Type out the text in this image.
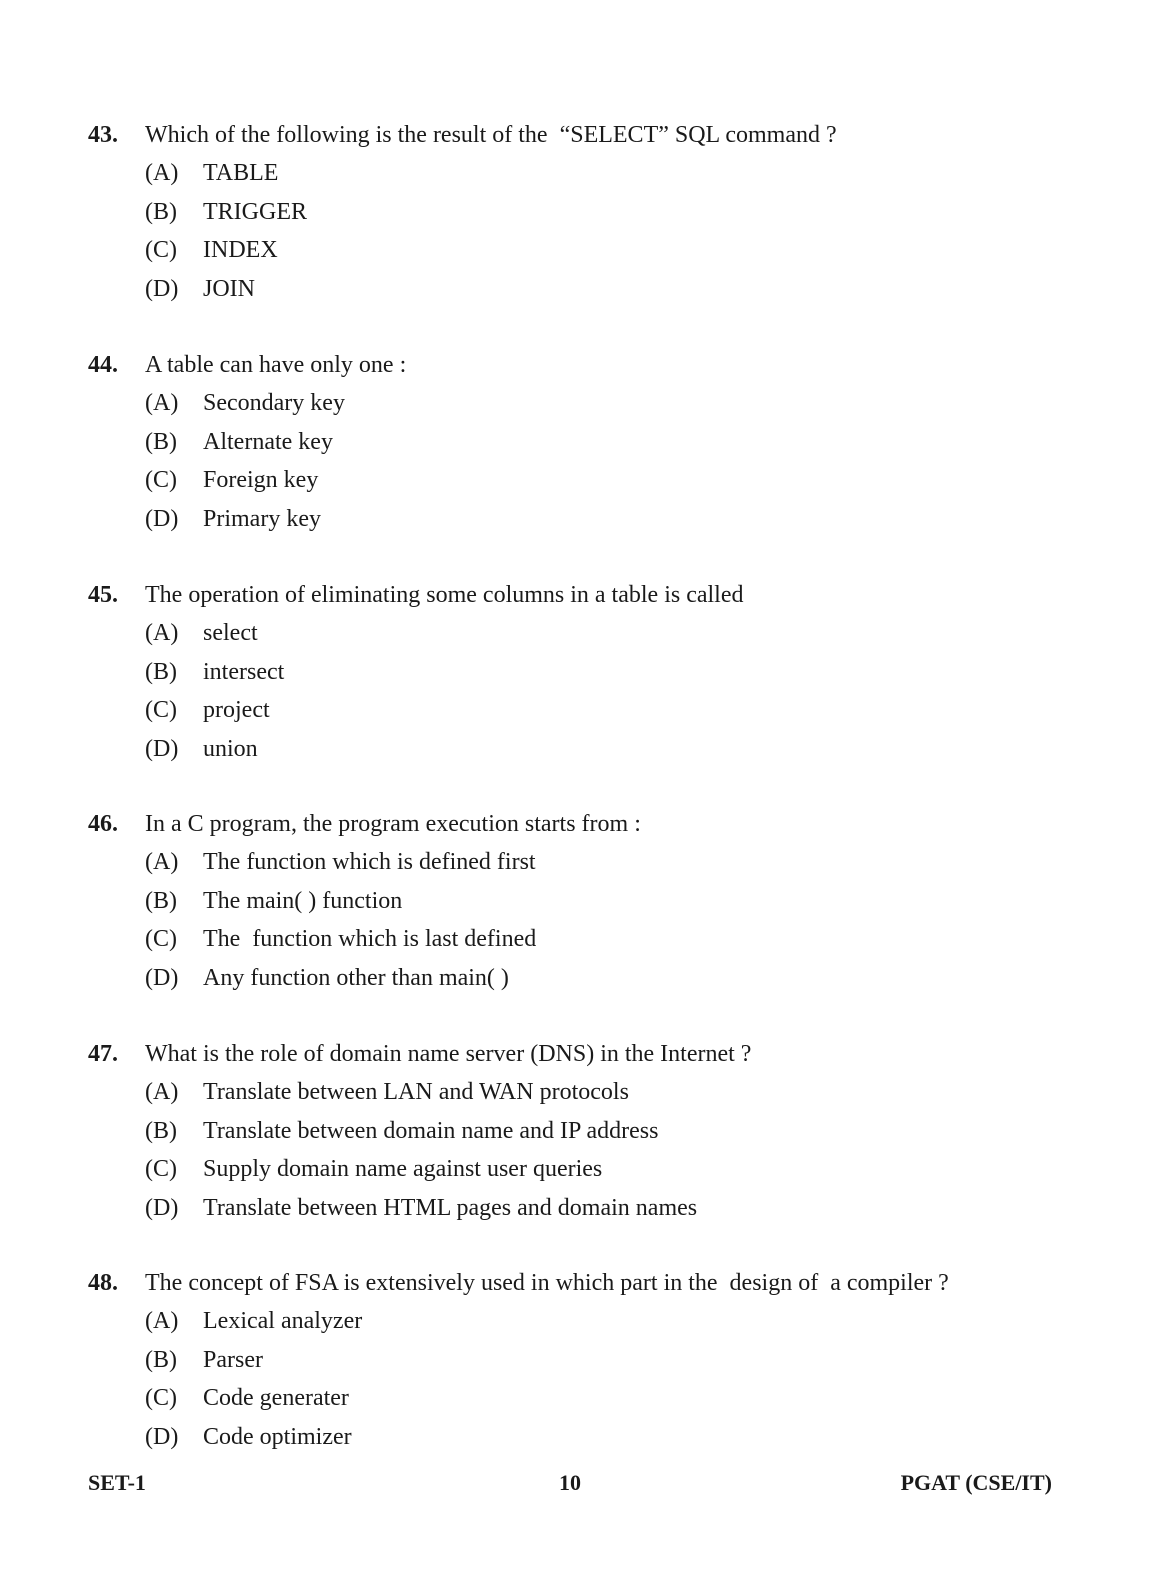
43.	Which of the following is the result of the  “SELECT” SQL command ?
(A)	TABLE
(B)	TRIGGER
(C)	INDEX
(D)	JOIN
44.	A table can have only one :
(A)	Secondary key
(B)	Alternate key
(C)	Foreign key
(D)	Primary key
45.	The operation of eliminating some columns in a table is called
(A)	select
(B)	intersect
(C)	project
(D)	union
46.	In a C program, the program execution starts from :
(A)	The function which is defined first
(B)	The main( ) function
(C)	The  function which is last defined
(D)	Any function other than main( )
47.	What is the role of domain name server (DNS) in the Internet ?
(A)	Translate between LAN and WAN protocols
(B)	Translate between domain name and IP address
(C)	Supply domain name against user queries
(D)	Translate between HTML pages and domain names
48.	The concept of FSA is extensively used in which part in the  design of  a compiler ?
(A)	Lexical analyzer
(B)	Parser
(C)	Code generater
(D)	Code optimizer
SET-1	10	PGAT (CSE/IT)
